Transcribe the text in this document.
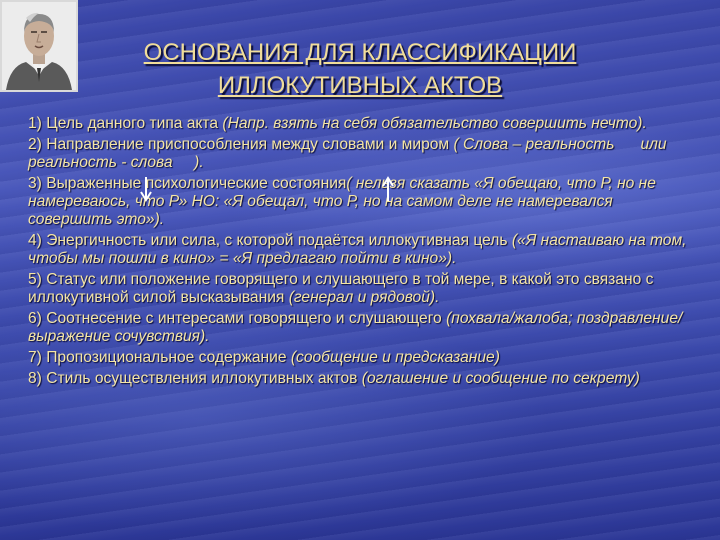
ОСНОВАНИЯ ДЛЯ КЛАССИФИКАЦИИ
ИЛЛОКУТИВНЫХ АКТОВ
1) Цель данного типа акта (Напр. взять на себя обязательство совершить нечто).
2) Направление приспособления между словами и миром ( Слова – реальность      или реальность - слова     ).
3) Выраженные психологические состояния( нельзя сказать «Я обещаю, что Р, но не намереваюсь, что Р» НО: «Я обещал, что Р, но на самом деле не намеревался совершить это»).
4) Энергичность или сила, с которой подаётся иллокутивная цель («Я настаиваю на том, чтобы мы пошли в кино» = «Я предлагаю пойти в кино»).
5) Статус или положение говорящего и слушающего в той мере, в какой это связано с иллокутивной силой высказывания (генерал и рядовой).
6) Соотнесение с интересами говорящего и слушающего (похвала/жалоба; поздравление/выражение сочувствия).
7) Пропозициональное содержание (сообщение и предсказание)
8) Стиль осуществления иллокутивных актов (оглашение и сообщение по секрету)
